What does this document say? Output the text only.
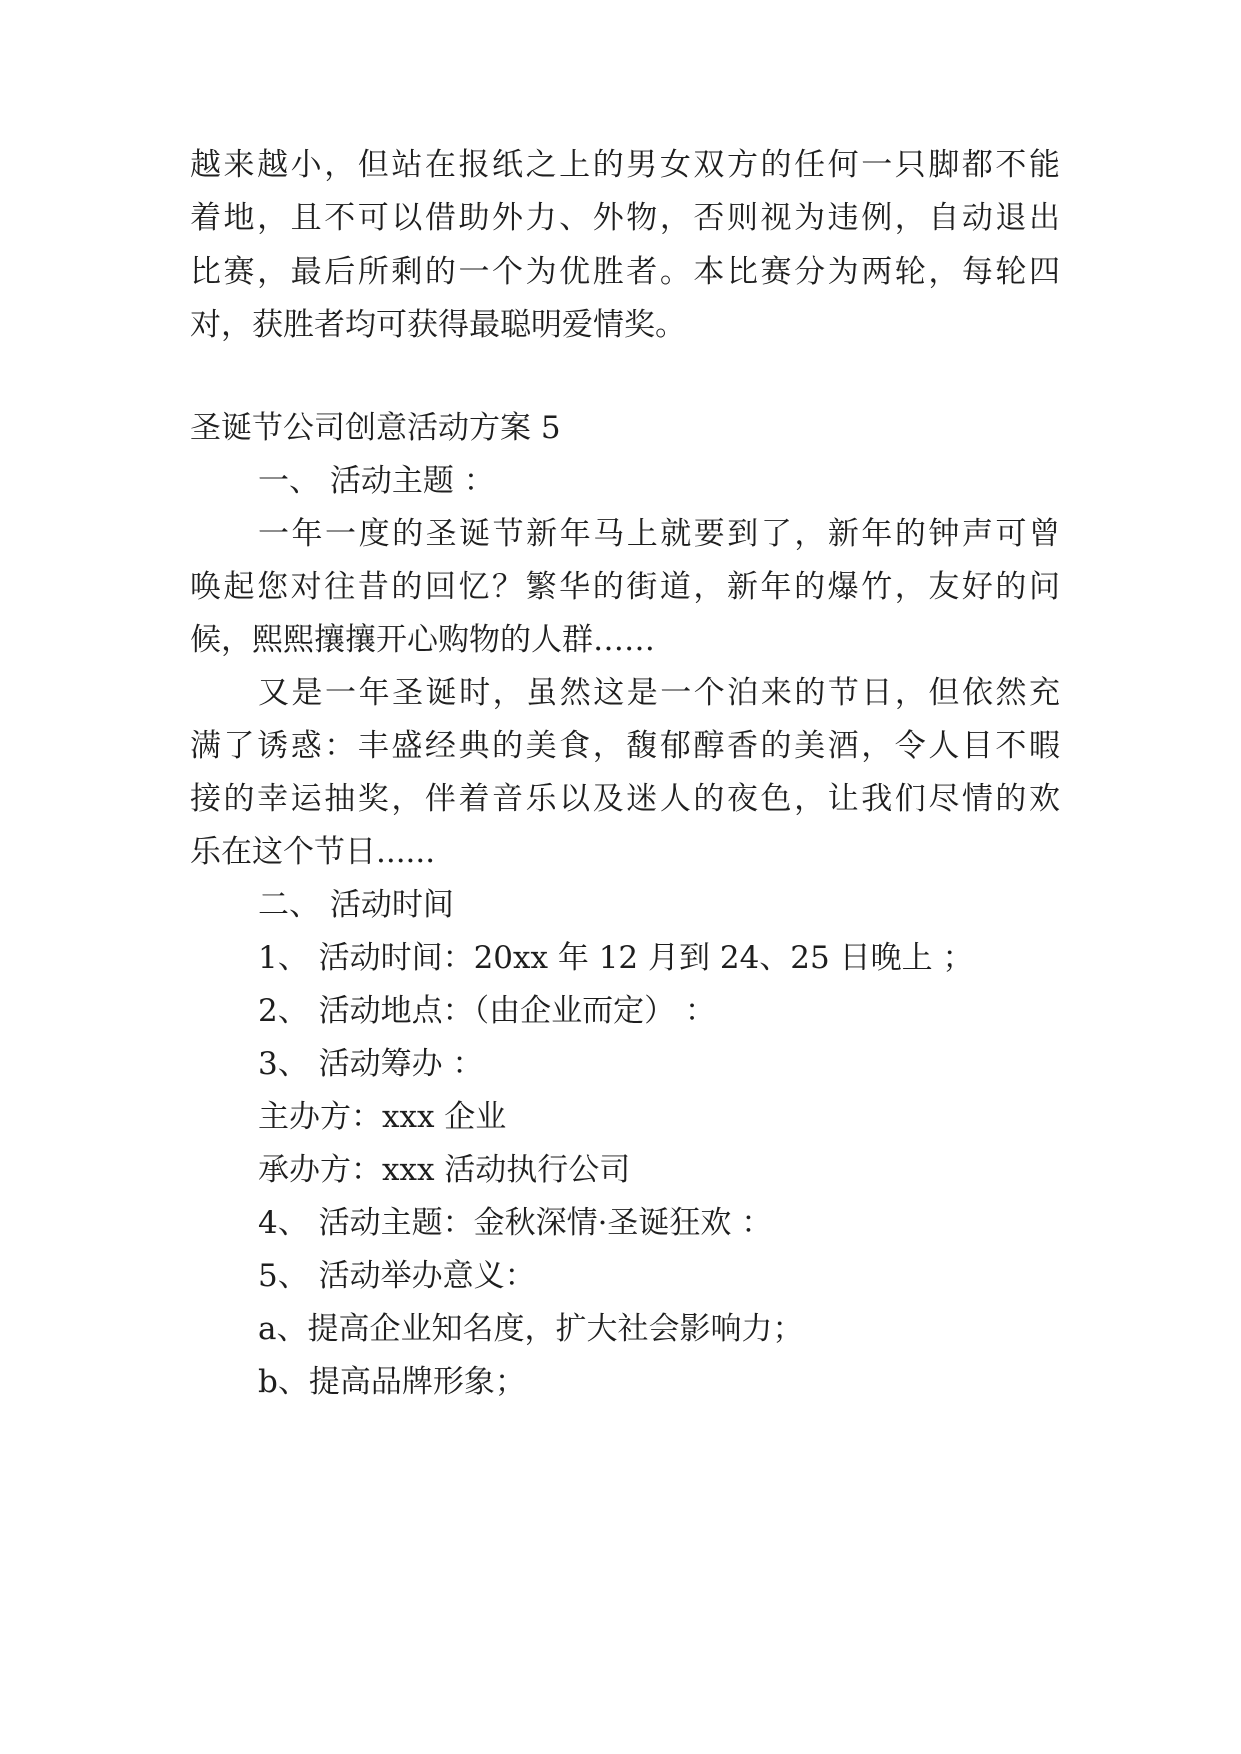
越来越小，但站在报纸之上的男女双方的任何一只脚都不能
着地，且不可以借助外力、外物，否则视为违例，自动退出
比赛，最后所剩的一个为优胜者。本比赛分为两轮，每轮四
对，获胜者均可获得最聪明爱情奖。
圣诞节公司创意活动方案 5
一、 活动主题 ：
一年一度的圣诞节新年马上就要到了，新年的钟声可曾
唤起您对往昔的回忆？繁华的街道，新年的爆竹，友好的问
候，熙熙攘攘开心购物的人群……
又是一年圣诞时，虽然这是一个泊来的节日，但依然充
满了诱惑：丰盛经典的美食，馥郁醇香的美酒，令人目不暇
接的幸运抽奖，伴着音乐以及迷人的夜色，让我们尽情的欢
乐在这个节日......
二、 活动时间
1、 活动时间：20xx 年 12 月到 24、25 日晚上 ；
2、 活动地点：（由企业而定） ：
3、 活动筹办 ：
主办方：xxx 企业
承办方：xxx 活动执行公司
4、 活动主题：金秋深情·圣诞狂欢 ：
5、 活动举办意义：
a、提高企业知名度，扩大社会影响力；
b、提高品牌形象；
